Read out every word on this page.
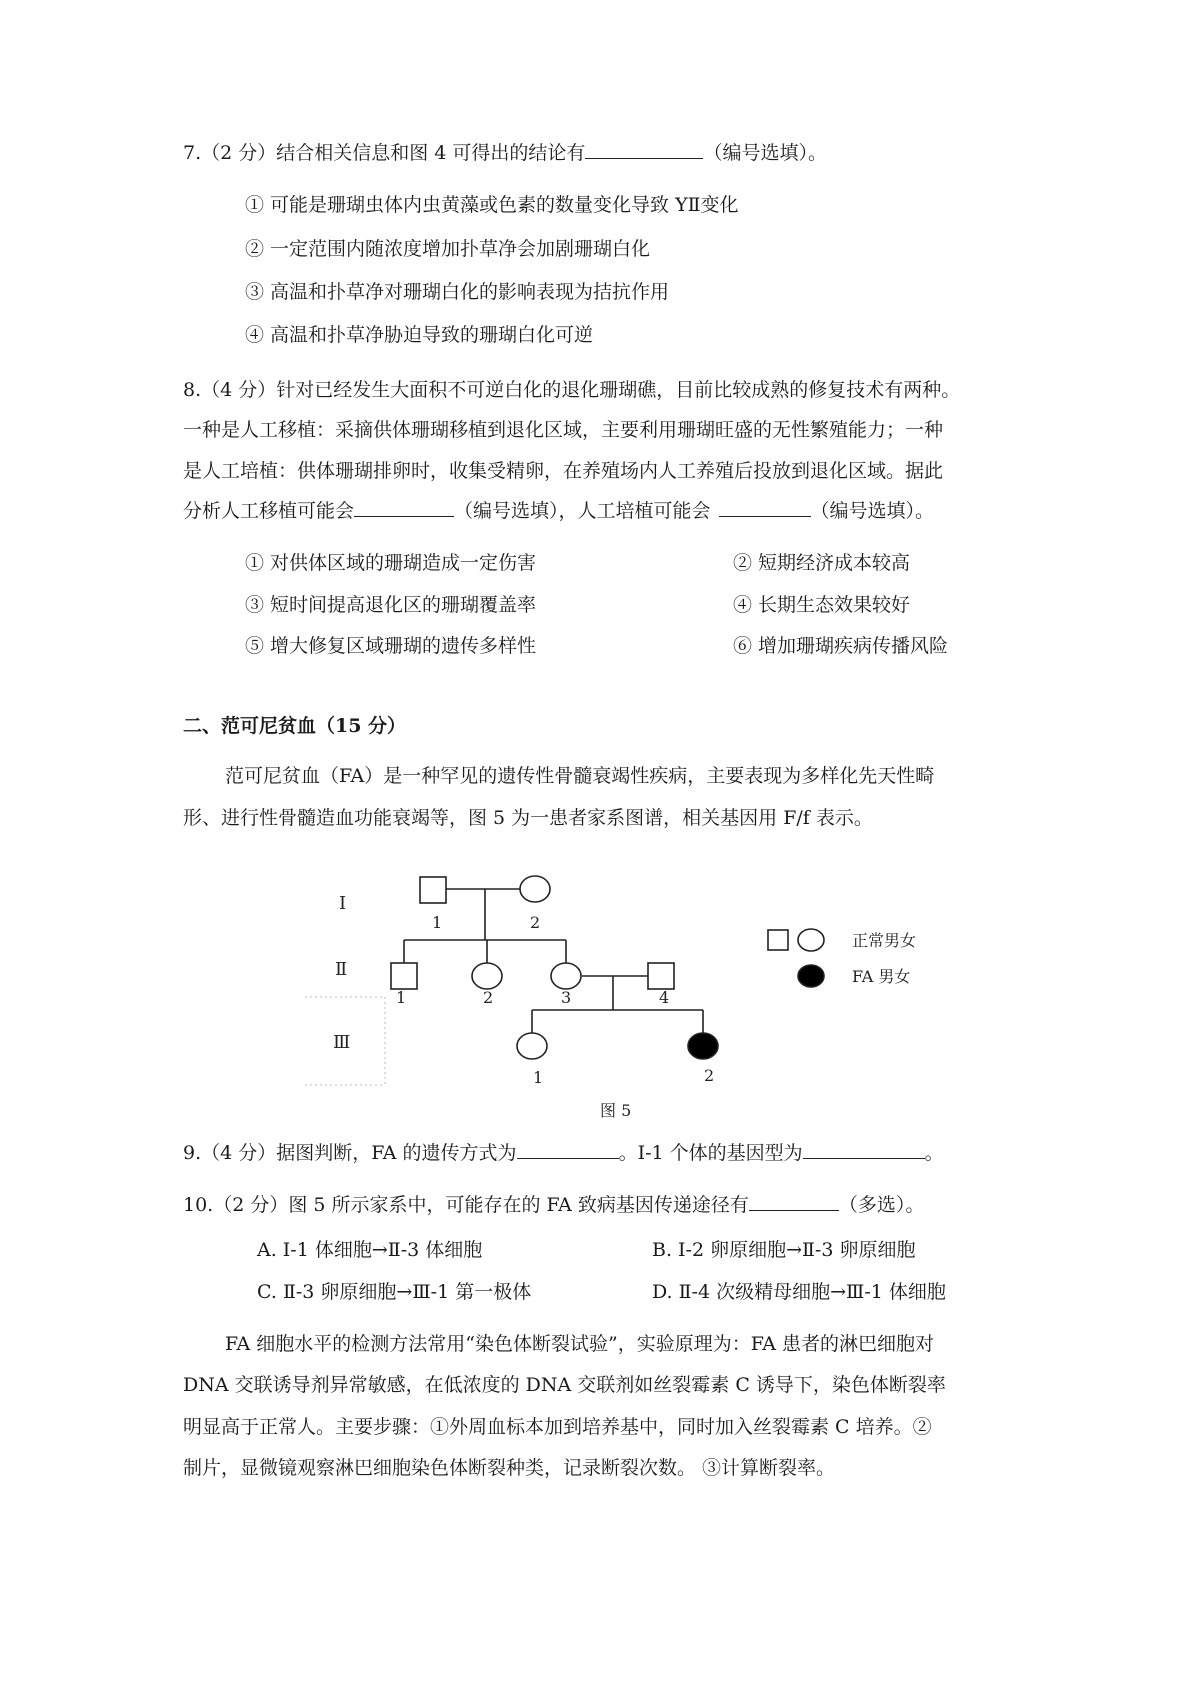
7.（2 分）结合相关信息和图 4 可得出的结论有	（编号选填）。
① 可能是珊瑚虫体内虫黄藻或色素的数量变化导致 YⅡ变化
② 一定范围内随浓度增加扑草净会加剧珊瑚白化
③ 高温和扑草净对珊瑚白化的影响表现为拮抗作用
④ 高温和扑草净胁迫导致的珊瑚白化可逆
8.（4 分）针对已经发生大面积不可逆白化的退化珊瑚礁，目前比较成熟的修复技术有两种。
一种是人工移植：采摘供体珊瑚移植到退化区域，主要利用珊瑚旺盛的无性繁殖能力；一种
是人工培植：供体珊瑚排卵时，收集受精卵，在养殖场内人工养殖后投放到退化区域。据此
分析人工移植可能会	（编号选填），人工培植可能会	（编号选填）。
① 对供体区域的珊瑚造成一定伤害	② 短期经济成本较高
③ 短时间提高退化区的珊瑚覆盖率	④ 长期生态效果较好
⑤ 增大修复区域珊瑚的遗传多样性	⑥ 增加珊瑚疾病传播风险
二、范可尼贫血（15 分）
范可尼贫血（FA）是一种罕见的遗传性骨髓衰竭性疾病，主要表现为多样化先天性畸
形、进行性骨髓造血功能衰竭等，图 5 为一患者家系图谱，相关基因用 F/f 表示。
Ⅰ
Ⅱ
Ⅲ
1	2
1	2	3	4
1	2
正常男女
FA 男女
图 5
9.（4 分）据图判断，FA 的遗传方式为	。Ⅰ-1 个体的基因型为	。
10.（2 分）图 5 所示家系中，可能存在的 FA 致病基因传递途径有	（多选）。
A. Ⅰ-1 体细胞→Ⅱ-3 体细胞	B. Ⅰ-2 卵原细胞→Ⅱ-3 卵原细胞
C. Ⅱ-3 卵原细胞→Ⅲ-1 第一极体	D. Ⅱ-4 次级精母细胞→Ⅲ-1 体细胞
FA 细胞水平的检测方法常用“染色体断裂试验”，实验原理为：FA 患者的淋巴细胞对
DNA 交联诱导剂异常敏感，在低浓度的 DNA 交联剂如丝裂霉素 C 诱导下，染色体断裂率
明显高于正常人。主要步骤：①外周血标本加到培养基中，同时加入丝裂霉素 C 培养。②
制片，显微镜观察淋巴细胞染色体断裂种类，记录断裂次数。 ③计算断裂率。
